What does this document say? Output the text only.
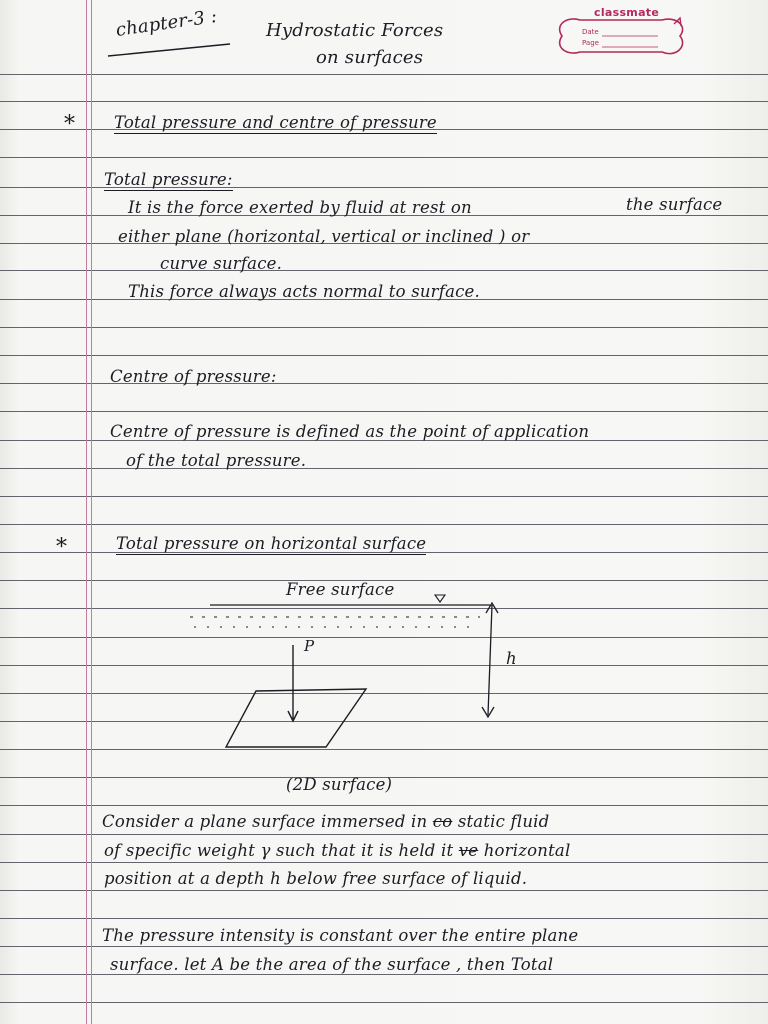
classmate
Date
Page
chapter-3 :	Hydrostatic Forces
on surfaces
* Total pressure and centre of pressure
Total pressure:
It is the force exerted by fluid at rest on	the surface
either plane (horizontal, vertical or inclined ) or
curve surface.
This force always acts normal to surface.
Centre of pressure:
Centre of pressure is defined as the point of application
of the total pressure.
*	Total pressure on horizontal surface
Free surface
P
h
(2D surface)
Consider a plane surface immersed in co static fluid
of specific weight γ such that it is held it ve horizontal
position at a depth h below free surface of liquid.
The pressure intensity is constant over the entire plane
surface. let A be the area of the surface , then Total
